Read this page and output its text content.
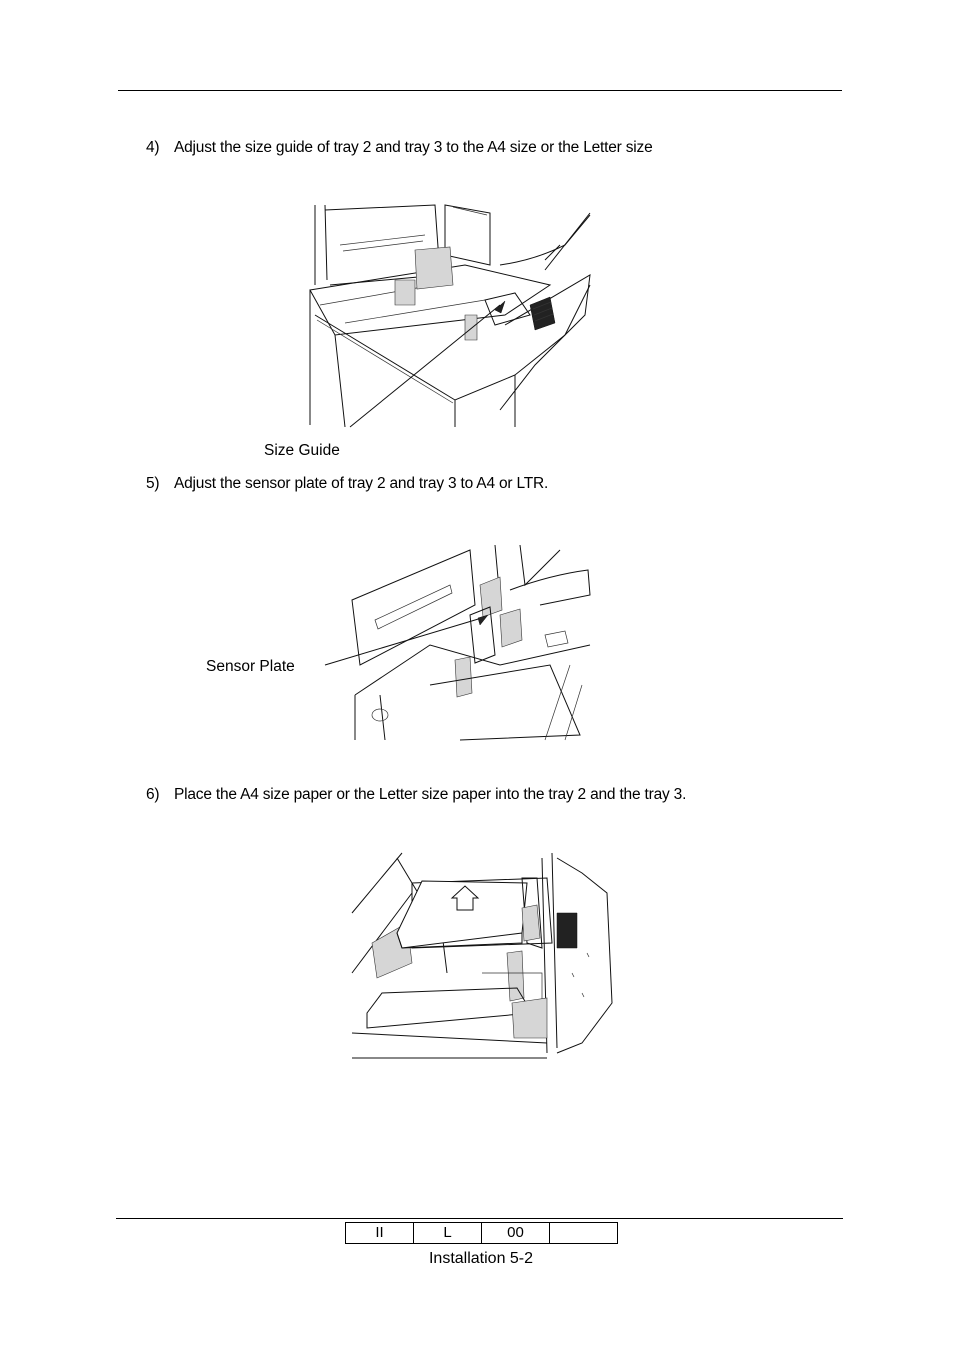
4) Adjust the size guide of tray 2 and tray 3 to the A4 size or the Letter size
Size Guide
5) Adjust the sensor plate of tray 2 and tray 3 to A4 or LTR.
Sensor Plate
6) Place the A4 size paper or the Letter size paper into the tray 2 and the tray 3.
II	L	00	
Installation 5-2
